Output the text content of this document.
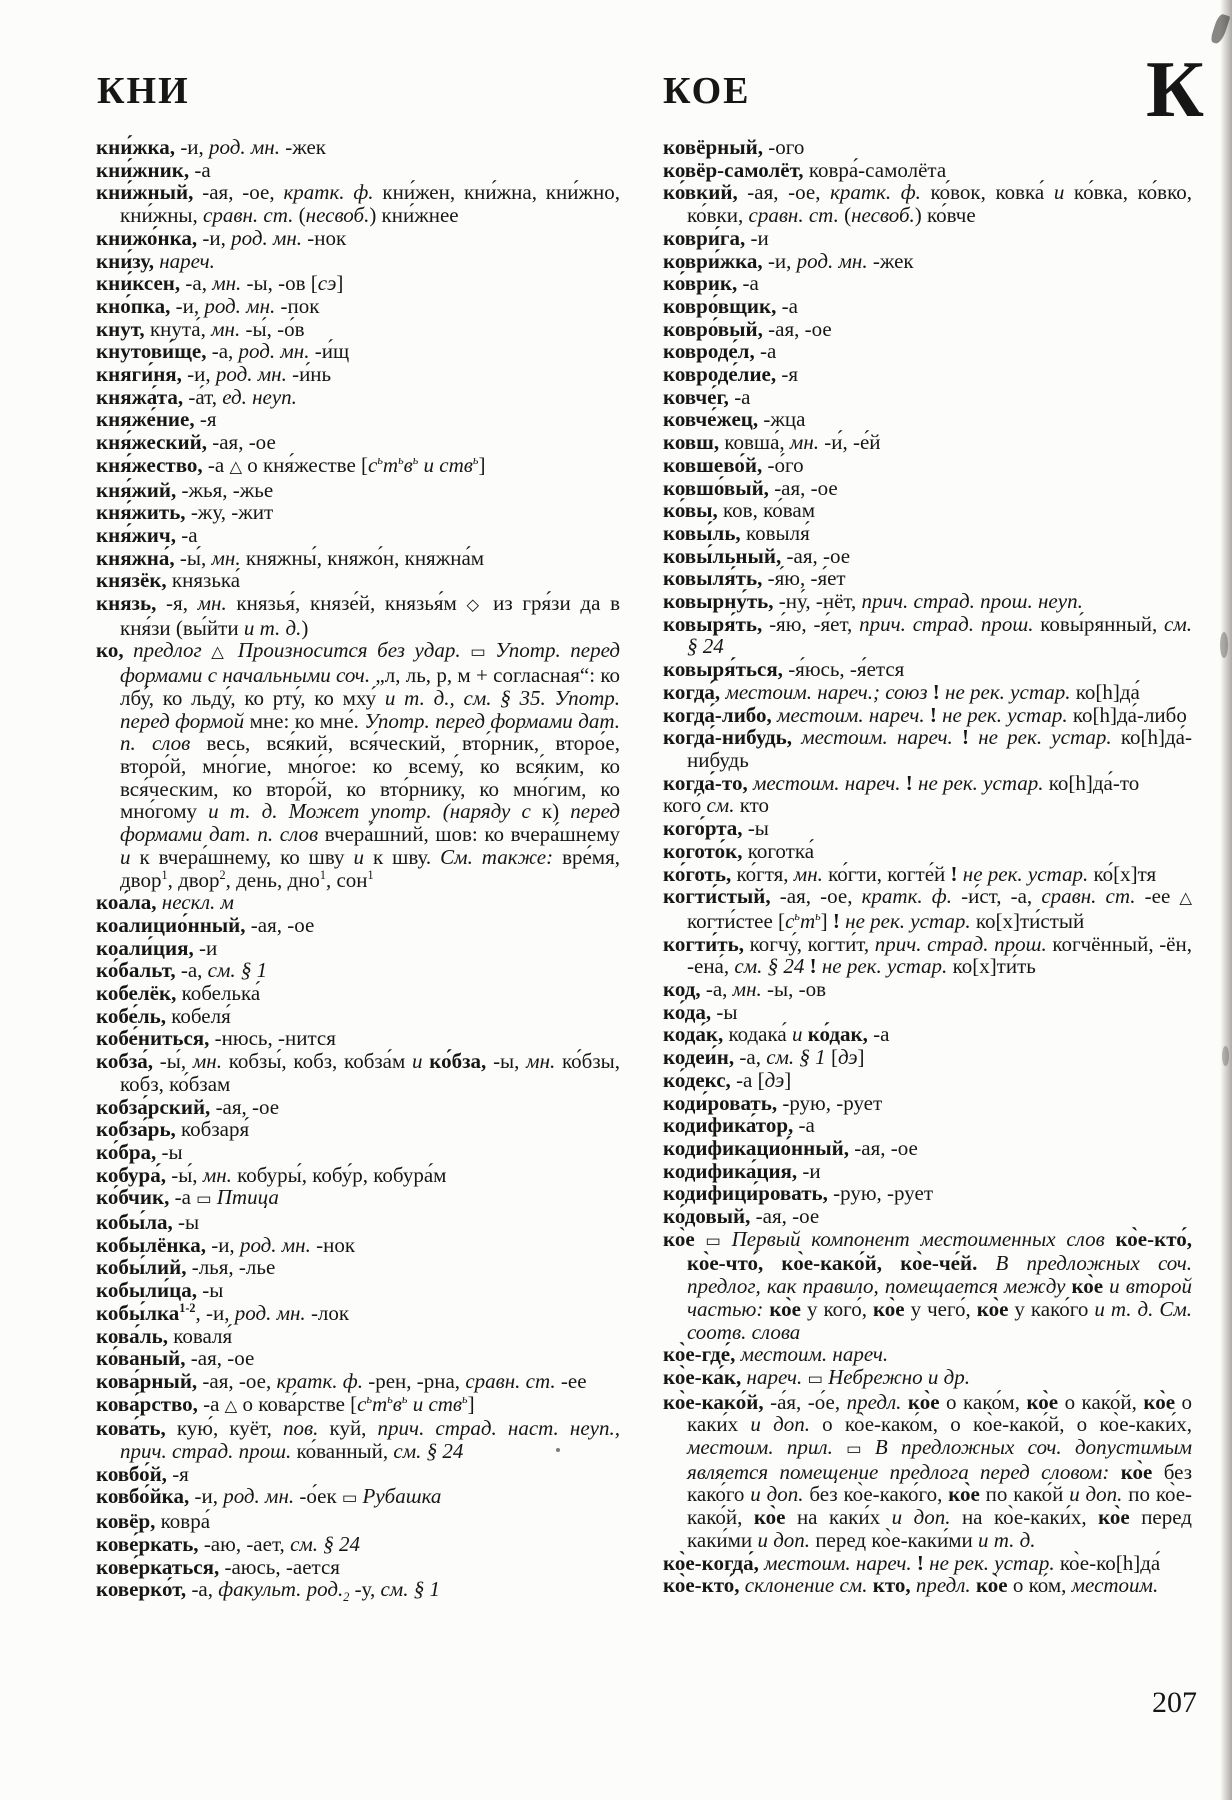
КНИ	КОЕ	К
кни́жка, -и, род. мн. -жек
кни́жник, -а
кни́жный, -ая, -ое, кратк. ф. кни́жен, кни́жна, кни́жно, кни́жны, сравн. ст. (несвоб.) кни́жнее
книжо́нка, -и, род. мн. -нок
кни́зу, нареч.
кни́ксен, -а, мн. -ы, -ов [сэ]
кно́пка, -и, род. мн. -пок
кнут, кнута́, мн. -ы́, -о́в
кнутови́ще, -а, род. мн. -и́щ
княги́ня, -и, род. мн. -и́нь
княжа́та, -а́т, ед. неуп.
княже́ние, -я
кня́жеский, -ая, -ое
кня́жество, -а △ о кня́жестве [$с^ьт^ьв^ь$ и ств$^ь$]
кня́жий, -жья, -жье
кня́жить, -жу, -жит
кня́жич, -а
княжна́, -ы́, мн. княжны́, княжо́н, княжна́м
князёк, князька́
князь, -я, мн. князья́, князе́й, князья́м ◇ из гря́зи да в кня́зи (вы́йти и т. д.)
ко, предлог △ Произносится без удар. ▭ Употр. перед формами с начальными соч. „л, ль, р, м + согласная“: ко лбу́, ко льду́, ко рту́, ко мху́ и т. д., см. § 35. Употр. перед формой мне: ко мне́. Употр. перед формами дат. п. слов весь, вся́кий, вся́ческий, вто́рник, второ́е, второ́й, мно́гие, мно́гое: ко всему́, ко вся́ким, ко вся́ческим, ко второ́й, ко вто́рнику, ко мно́гим, ко мно́гому и т. д. Может употр. (наряду с к) перед формами дат. п. слов вчера́шний, шов: ко вчера́шнему и к вчера́шнему, ко шву и к шву. См. также: вре́мя, двор$^1$, двор$^2$, день, дно$^1$, сон$^1$
коа́ла, нескл. м
коалицио́нный, -ая, -ое
коали́ция, -и
ко́бальт, -а, см. § 1
кобелёк, кобелька́
кобе́ль, кобеля́
кобе́ниться, -нюсь, -нится
кобза́, -ы́, мн. кобзы́, кобз, кобза́м и ко́бза, -ы, мн. ко́бзы, кобз, ко́бзам
кобза́рский, -ая, -ое
кобза́рь, кобзаря́
ко́бра, -ы
кобура́, -ы́, мн. кобуры́, кобу́р, кобура́м
ко́бчик, -а ▭ Птица
кобы́ла, -ы
кобылёнка, -и, род. мн. -нок
кобы́лий, -лья, -лье
кобыли́ца, -ы
кобы́лка$^{1-2}$, -и, род. мн. -лок
кова́ль, коваля́
ко́ваный, -ая, -ое
кова́рный, -ая, -ое, кратк. ф. -рен, -рна, сравн. ст. -ее
кова́рство, -а △ о кова́рстве [$с^ьт^ьв^ь$ и ств$^ь$]
кова́ть, кую́, куёт, пов. куй, прич. страд. наст. неуп., прич. страд. прош. ко́ванный, см. § 24
ковбо́й, -я
ковбо́йка, -и, род. мн. -о́ек ▭ Рубашка
ковёр, ковра́
кове́ркать, -аю, -ает, см. § 24
кове́ркаться, -аюсь, -ается
коверко́т, -а, факульт. $род._2$ -у, см. § 1
ковёрный, -ого
ковёр-самолёт, ковра́-самолёта
ко́вкий, -ая, -ое, кратк. ф. ко́вок, ковка́ и ко́вка, ко́вко, ко́вки, сравн. ст. (несвоб.) ко́вче
коври́га, -и
коври́жка, -и, род. мн. -жек
ко́врик, -а
ковро́вщик, -а
ковро́вый, -ая, -ое
ковроде́л, -а
ковроде́лие, -я
ковче́г, -а
ковче́жец, -жца
ковш, ковша́, мн. -и́, -е́й
ковшево́й, -о́го
ковшо́вый, -ая, -ое
ко́вы, ков, ко́вам
ковы́ль, ковыля́
ковы́льный, -ая, -ое
ковыля́ть, -я́ю, -я́ет
ковырну́ть, -ну́, -нёт, прич. страд. прош. неуп.
ковыря́ть, -я́ю, -я́ет, прич. страд. прош. ковы́рянный, см. § 24
ковыря́ться, -я́юсь, -я́ется
когда́, местоим. нареч.; союз ! не рек. устар. ко[h]да́
когда́-либо, местоим. нареч. ! не рек. устар. ко[h]да́-либо
когда́-нибудь, местоим. нареч. ! не рек. устар. ко[h]да́-нибудь
когда́-то, местоим. нареч. ! не рек. устар. ко[h]да́-то
кого́ см. кто
кого́рта, -ы
когото́к, коготка́
ко́готь, ко́гтя, мн. ко́гти, когте́й ! не рек. устар. ко́[х]тя
когти́стый, -ая, -ое, кратк. ф. -и́ст, -а, сравн. ст. -ее △ когти́стее $[с^ьт^ь]$ ! не рек. устар. ко[х]ти́стый
когти́ть, когчу́, когти́т, прич. страд. прош. когчённый, -ён, -ена́, см. § 24 ! не рек. устар. ко[х]ти́ть
код, -а, мн. -ы, -ов
ко́да, -ы
кода́к, кодака́ и ко́дак, -а
кодеи́н, -а, см. § 1 [дэ]
ко́декс, -а [дэ]
коди́ровать, -рую, -рует
кодифика́тор, -а
кодификацио́нный, -ая, -ое
кодифика́ция, -и
кодифици́ровать, -рую, -рует
ко́довый, -ая, -ое
ко̀е ▭ Первый компонент местоименных слов ко̀е-кто́, ко̀е-что́, ко̀е-како́й, ко̀е-че́й. В предложных соч. предлог, как правило, помещается между ко̀е и второй частью: ко̀е у кого́, ко̀е у чего́, ко̀е у како́го и т. д. См. соотв. слова
ко̀е-где́, местоим. нареч.
ко̀е-ка́к, нареч. ▭ Небрежно и др.
ко̀е-како́й, -а́я, -о́е, предл. ко̀е о како́м, ко̀е о како́й, ко̀е о каки́х и доп. о ко̀е-како́м, о ко̀е-како́й, о ко̀е-каки́х, местоим. прил. ▭ В предложных соч. допустимым является помещение предлога перед словом: ко̀е без како́го и доп. без ко̀е-како́го, ко̀е по како́й и доп. по ко̀е-како́й, ко̀е на каки́х и доп. на ко̀е-каки́х, ко̀е перед каки́ми и доп. перед ко̀е-каки́ми и т. д.
ко̀е-когда́, местоим. нареч. ! не рек. устар. ко̀е-ко[h]да́
ко̀е-кто́, склонение см. кто, предл. ко̀е о ко́м, местоим.
207
